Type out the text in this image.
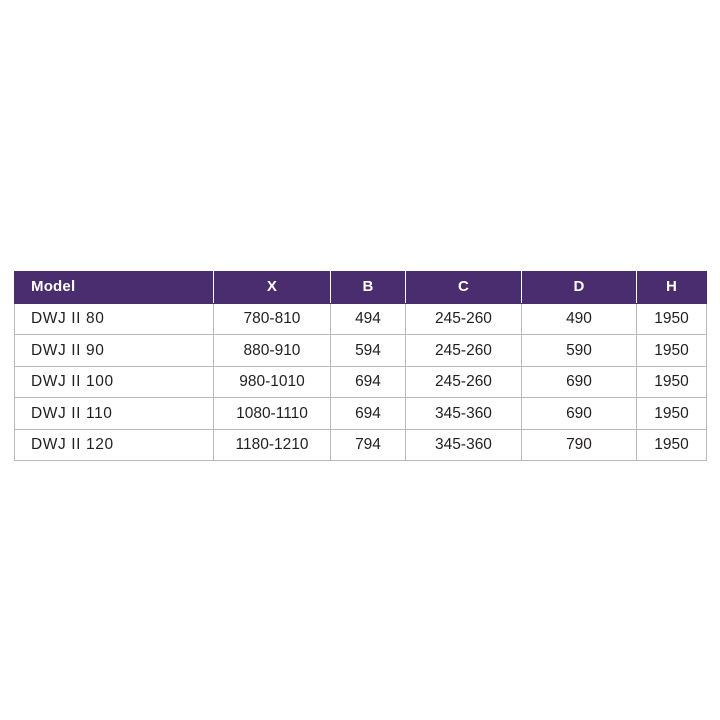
Model	X	B	C	D	H
DWJ II 80	780-810	494	245-260	490	1950
DWJ II 90	880-910	594	245-260	590	1950
DWJ II 100	980-1010	694	245-260	690	1950
DWJ II 110	1080-1110	694	345-360	690	1950
DWJ II 120	1180-1210	794	345-360	790	1950
